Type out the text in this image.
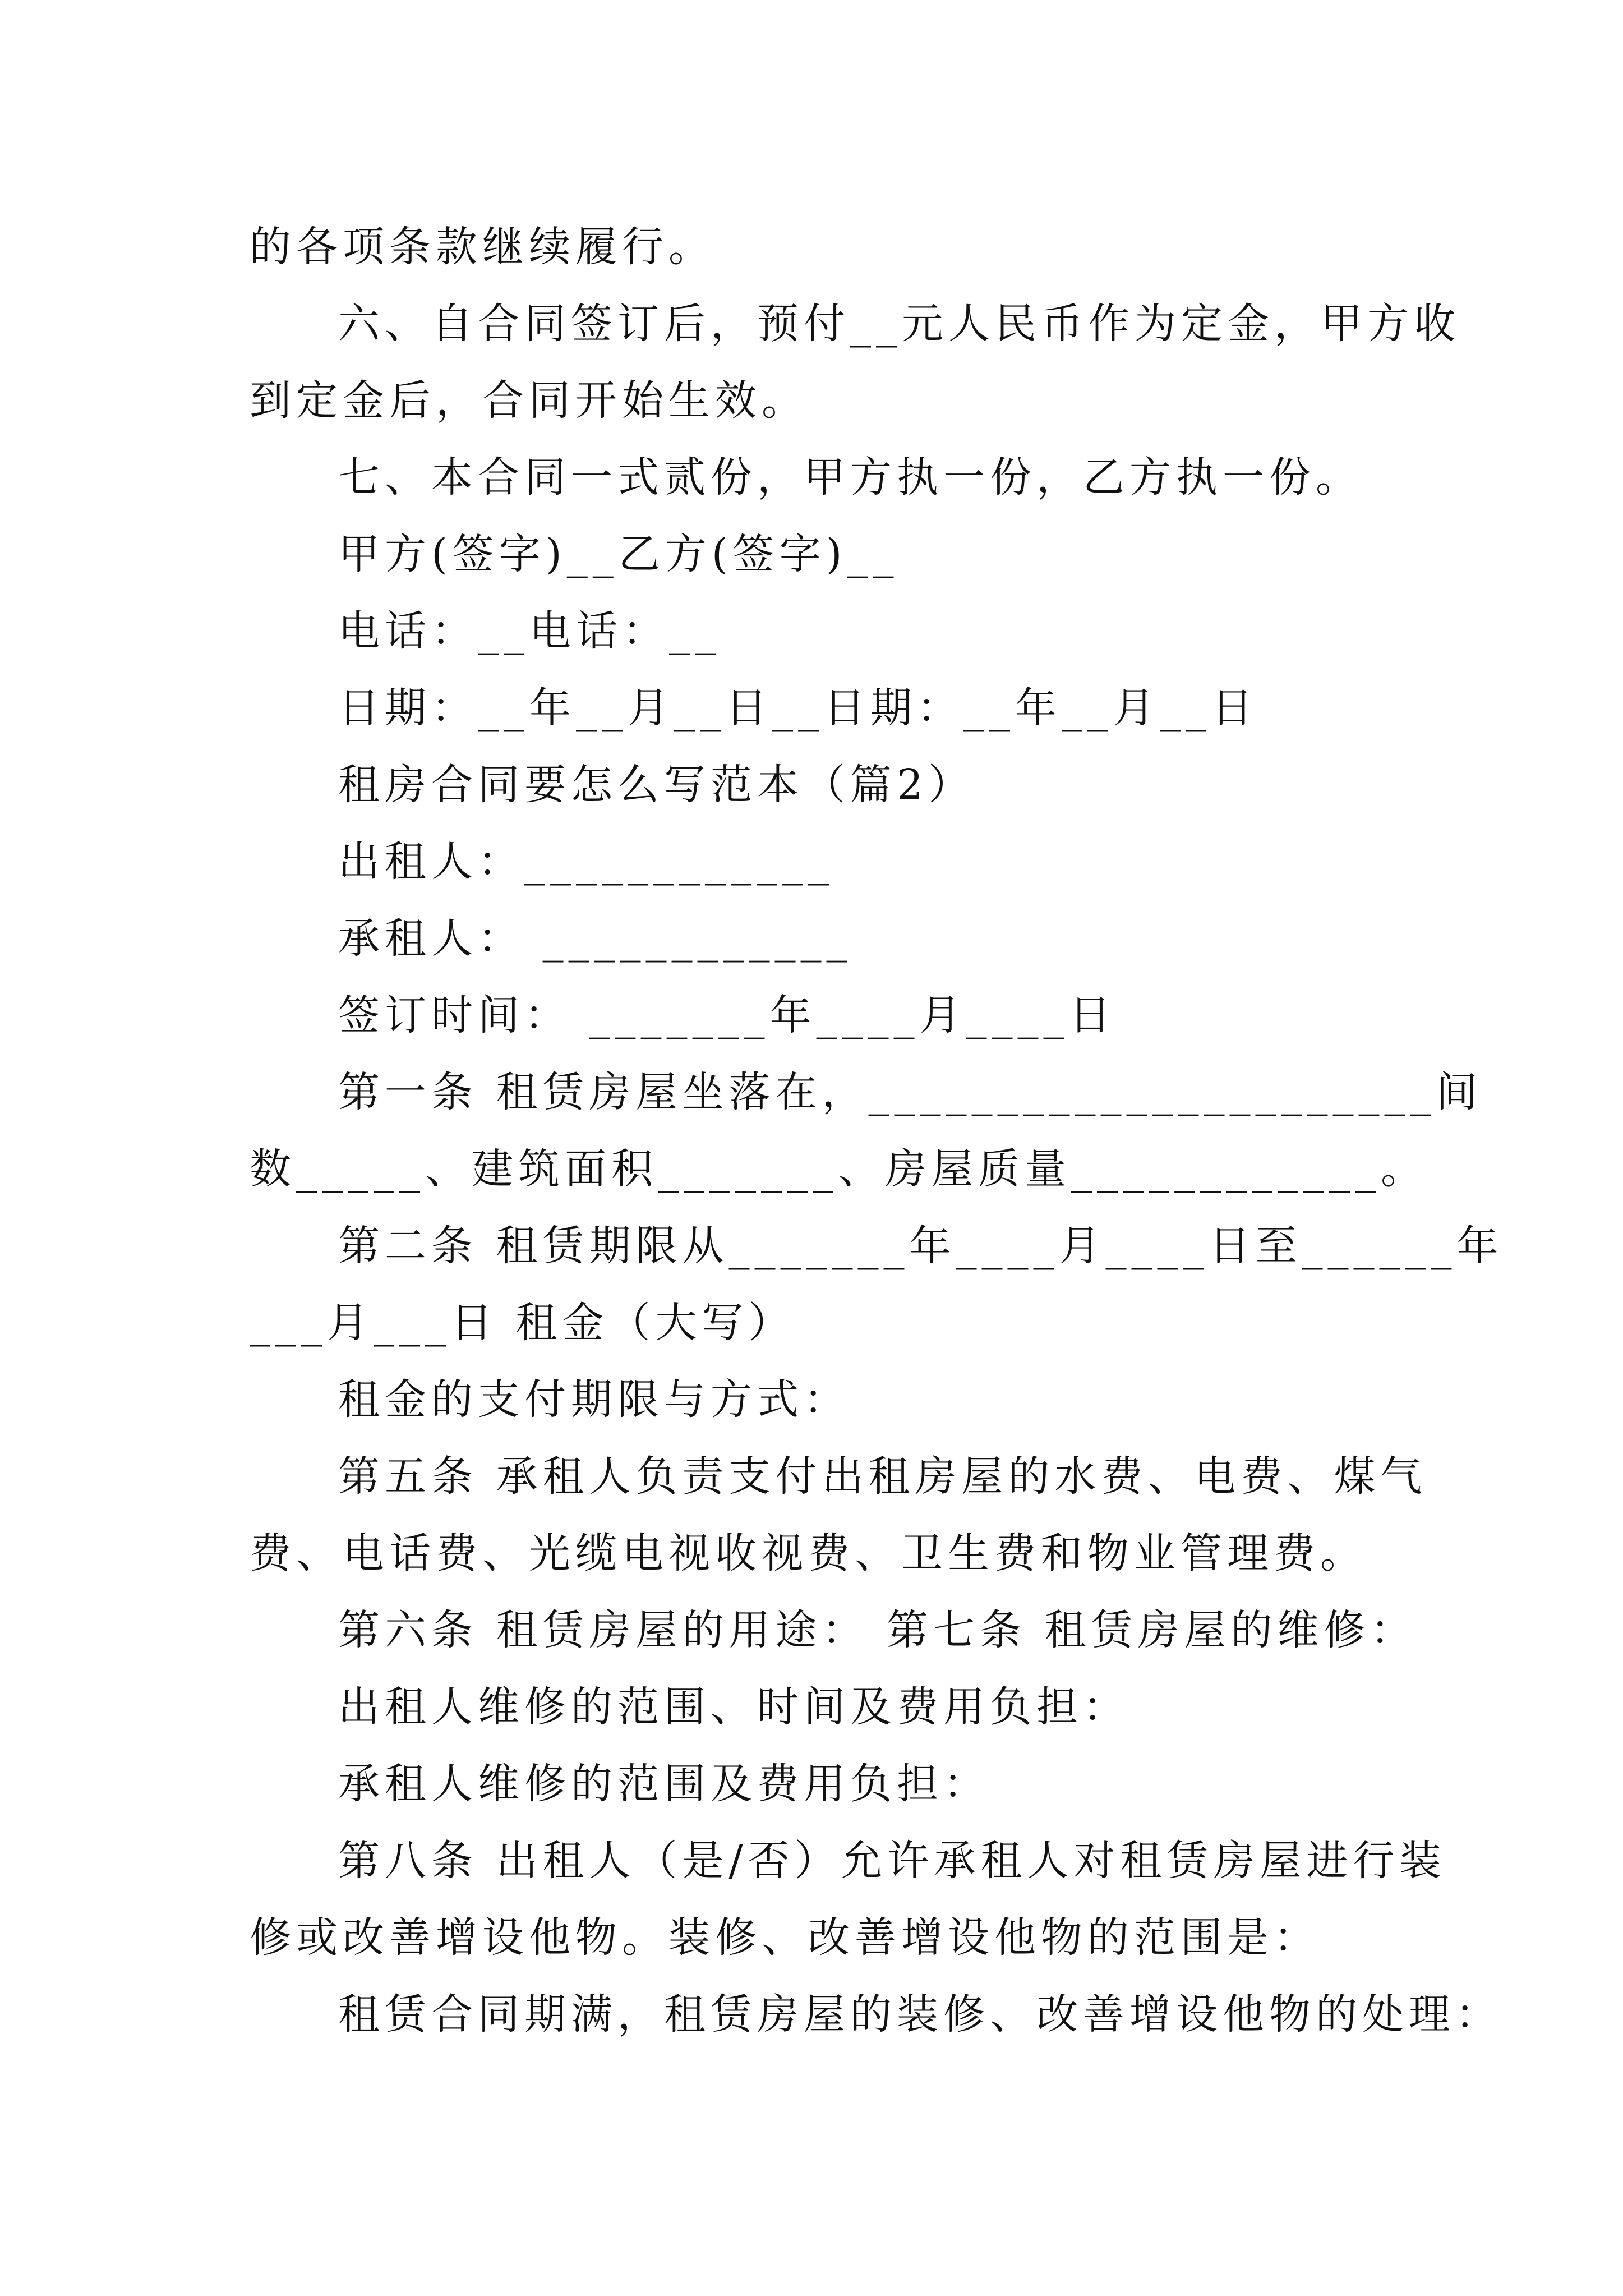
的各项条款继续履行。
六、自合同签订后，预付__元人民币作为定金，甲方收
到定金后，合同开始生效。
七、本合同一式贰份，甲方执一份，乙方执一份。
甲方(签字)__乙方(签字)__
电话：__电话：__
日期：__年__月__日__日期：__年__月__日
租房合同要怎么写范本（篇2）
出租人：____________
承租人： ____________
签订时间： _______年____月____日
第一条 租赁房屋坐落在，______________________间
数_____、建筑面积_______、房屋质量____________。
第二条 租赁期限从_______年____月____日至______年
___月___日 租金（大写）
租金的支付期限与方式：
第五条 承租人负责支付出租房屋的水费、电费、煤气
费、电话费、光缆电视收视费、卫生费和物业管理费。
第六条 租赁房屋的用途： 第七条 租赁房屋的维修：
出租人维修的范围、时间及费用负担：
承租人维修的范围及费用负担：
第八条 出租人（是/否）允许承租人对租赁房屋进行装
修或改善增设他物。装修、改善增设他物的范围是：
租赁合同期满，租赁房屋的装修、改善增设他物的处理：
